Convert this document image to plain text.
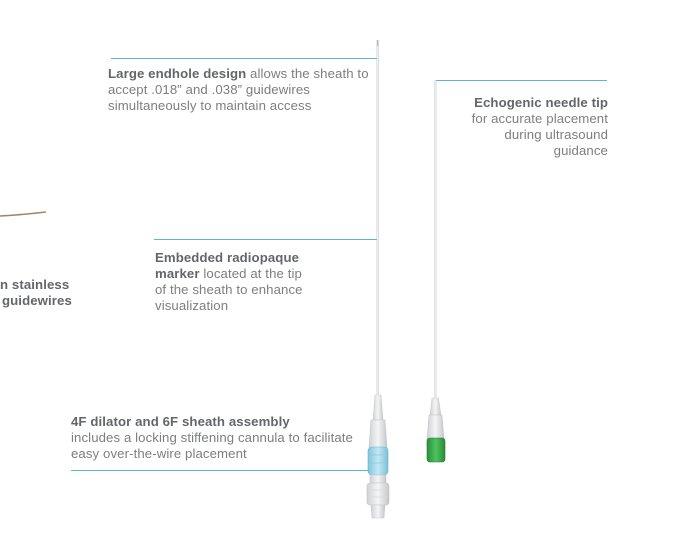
Large endhole design allows the sheath to accept .018” and .038” guidewires simultaneously to maintain access	Echogenic needle tip
for accurate placement during ultrasound guidance
Embedded radiopaque
marker located at the tip
of the sheath to enhance visualization
n stainless
guidewires
4F dilator and 6F sheath assembly
includes a locking stiffening cannula to facilitate easy over-the-wire placement
